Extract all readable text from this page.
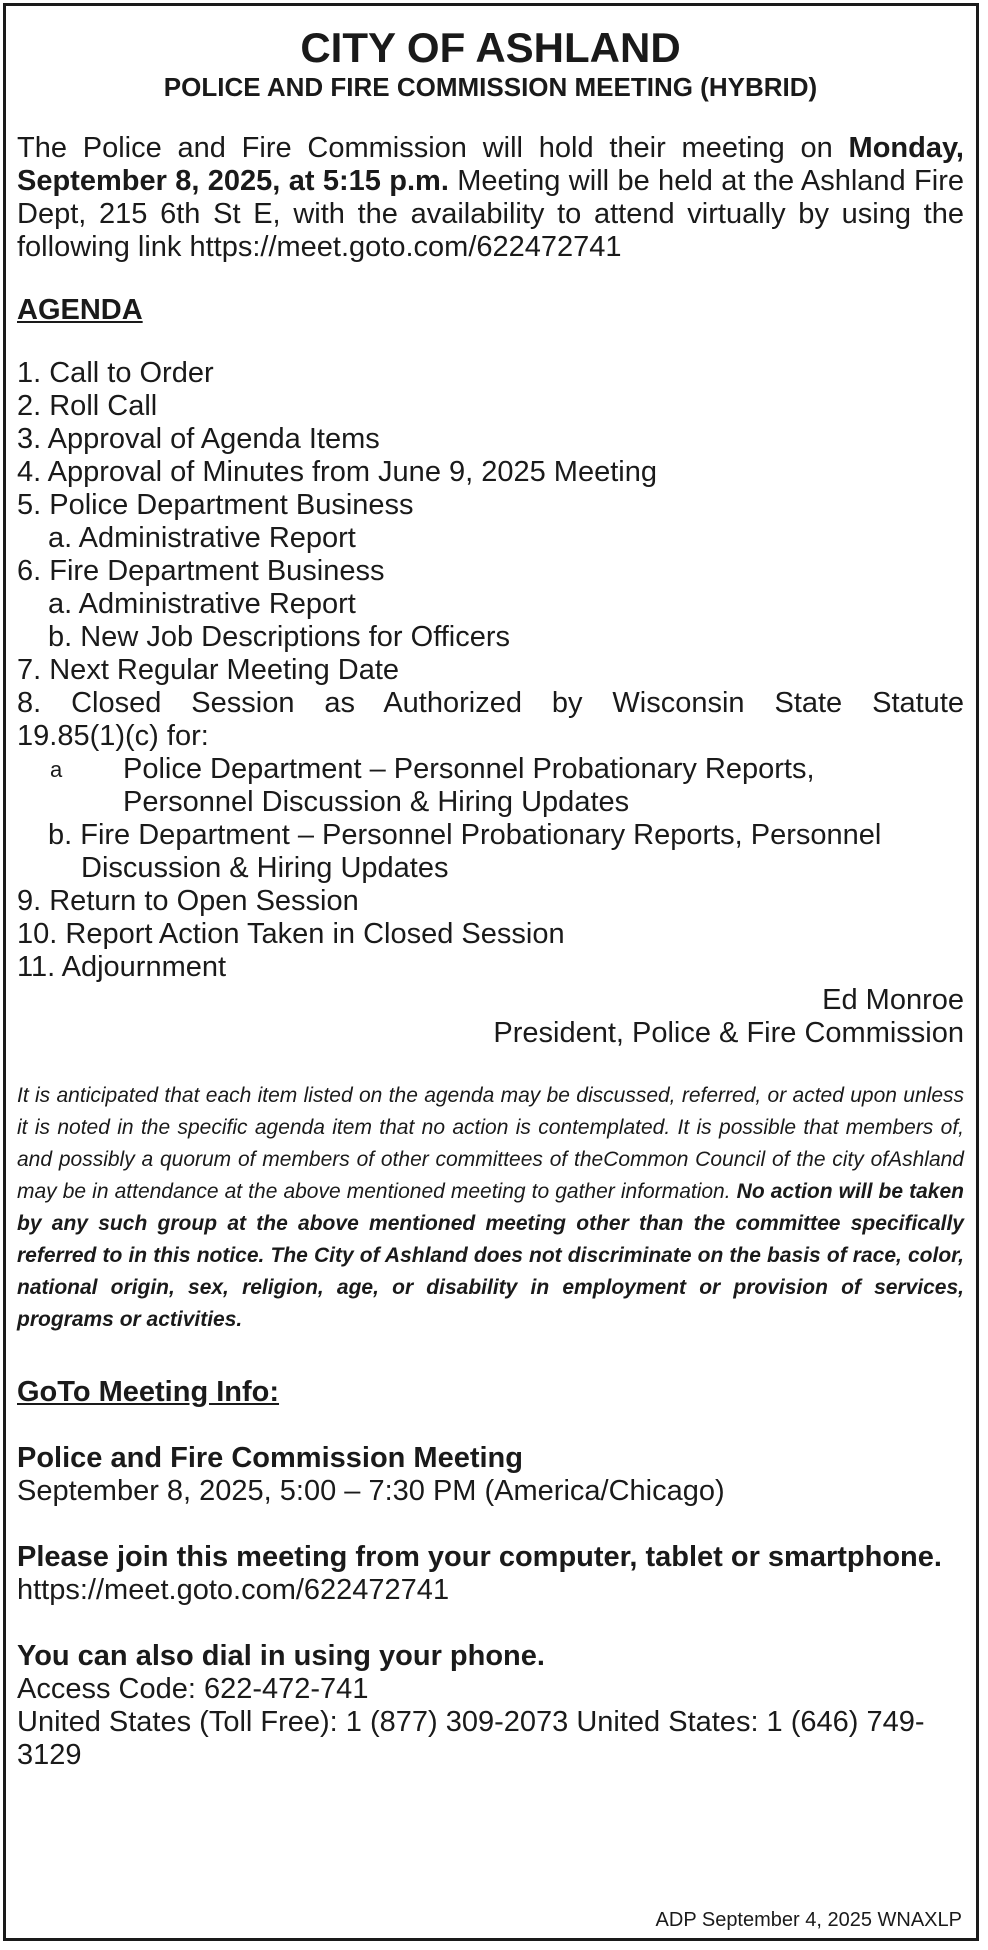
CITY OF ASHLAND
POLICE AND FIRE COMMISSION MEETING (HYBRID)

The Police and Fire Commission will hold their meeting on Monday, September 8, 2025, at 5:15 p.m. Meeting will be held at the Ashland Fire Dept, 215 6th St E, with the availability to attend virtually by using the following link https://meet.goto.com/622472741

AGENDA
1. Call to Order
2. Roll Call
3. Approval of Agenda Items
4. Approval of Minutes from June 9, 2025 Meeting
5. Police Department Business
a. Administrative Report
6. Fire Department Business
a. Administrative Report
b. New Job Descriptions for Officers
7. Next Regular Meeting Date
8. Closed Session as Authorized by Wisconsin State Statute
19.85(1)(c) for:
a	Police Department – Personnel Probationary Reports,
Personnel Discussion & Hiring Updates
b. Fire Department – Personnel Probationary Reports, Personnel
Discussion & Hiring Updates
9. Return to Open Session
10. Report Action Taken in Closed Session
11. Adjournment
Ed Monroe
President, Police & Fire Commission

It is anticipated that each item listed on the agenda may be discussed, referred, or acted upon unless it is noted in the specific agenda item that no action is contemplated. It is possible that members of, and possibly a quorum of members of other committees of theCommon Council of the city ofAshland may be in attendance at the above mentioned meeting to gather information. No action will be taken by any such group at the above mentioned meeting other than the committee specifically referred to in this notice. The City of Ashland does not discriminate on the basis of race, color, national origin, sex, religion, age, or disability in employment or provision of services, programs or activities.

GoTo Meeting Info:
Police and Fire Commission Meeting
September 8, 2025, 5:00 – 7:30 PM (America/Chicago)
Please join this meeting from your computer, tablet or smartphone.
https://meet.goto.com/622472741
You can also dial in using your phone.
Access Code: 622-472-741
United States (Toll Free): 1 (877) 309-2073 United States: 1 (646) 749-3129
ADP September 4, 2025 WNAXLP
